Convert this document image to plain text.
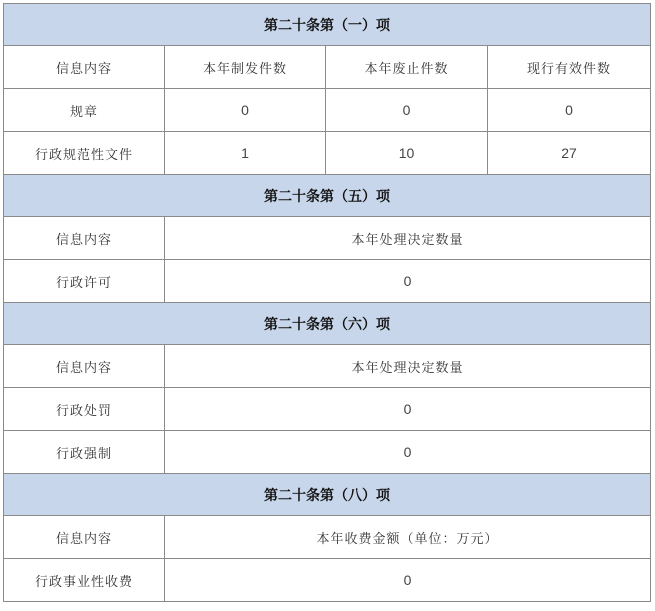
第二十条第（一）项			
信息内容	本年制发件数	本年废止件数	现行有效件数
规章	0	0	0
行政规范性文件	1	10	27
第二十条第（五）项			
信息内容	本年处理决定数量		
行政许可	0		
第二十条第（六）项			
信息内容	本年处理决定数量		
行政处罚	0		
行政强制	0		
第二十条第（八）项			
信息内容	本年收费金额（单位：万元）		
行政事业性收费	0		
